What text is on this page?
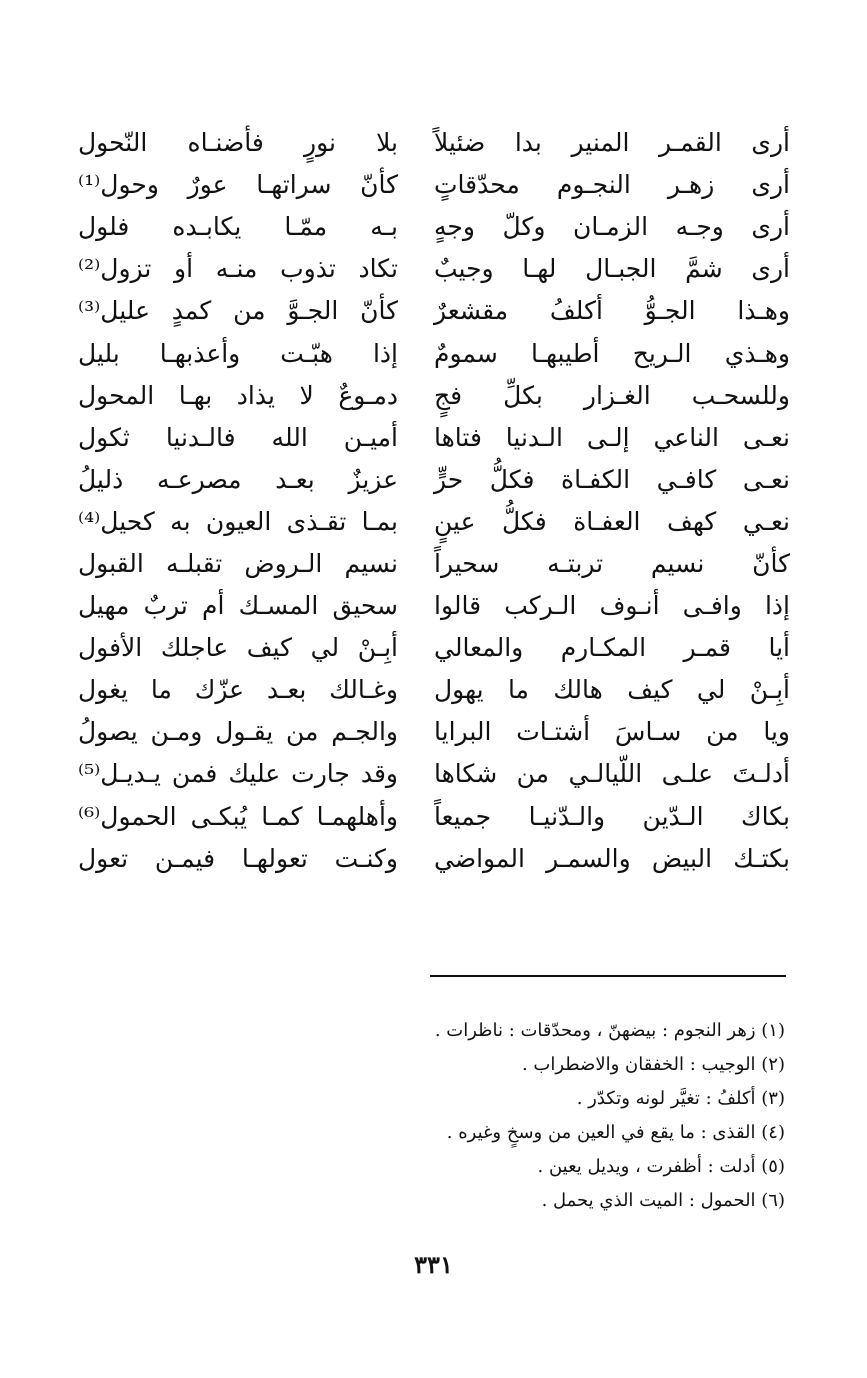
أرى القمـر المنير بدا ضئيلاً
بلا نورٍ فأضنـاه النّحول
أرى زهـر النجـوم محدّقاتٍ
كأنّ سراتهـا عورٌ وحول⁽¹⁾
أرى وجـه الزمـان وكلّ وجهٍ
بـه ممّـا يكابـده فلول
أرى شمَّ الجبـال لهـا وجيبٌ
تكاد تذوب منـه أو تزول⁽²⁾
وهـذا الجـوُّ أكلفُ مقشعرٌ
كأنّ الجـوَّ من كمدٍ عليل⁽³⁾
وهـذي الـريح أطيبهـا سمومٌ
إذا هبّـت وأعذبهـا بليل
وللسحـب الغـزار بكلِّ فجٍ
دمـوعٌ لا يذاد بهـا المحول
نعـى الناعي إلـى الـدنيا فتاها
أميـن الله فالـدنيا ثكول
نعـى كافـي الكفـاة فكلُّ حرٍّ
عزيزٌ بعـد مصرعـه ذليلُ
نعـي كهف العفـاة فكلُّ عينٍ
بمـا تقـذى العيون به كحيل⁽⁴⁾
كأنّ نسيم تربتـه سحيراً
نسيم الـروض تقبلـه القبول
إذا وافـى أنـوف الـركب قالوا
سحيق المسـك أم تربٌ مهيل
أيا قمـر المكـارم والمعالي
أبِـنْ لي كيف عاجلك الأفول
أبِـنْ لي كيف هالك ما يهول
وغـالك بعـد عزّك ما يغول
ويا من سـاسَ أشتـات البرايا
والجـم من يقـول ومـن يصولُ
أدلـتَ علـى اللّيالـي من شكاها
وقد جارت عليك فمن يـديـل⁽⁵⁾
بكاك الـدّين والـدّنيـا جميعاً
وأهلهمـا كمـا يُبكـى الحمول⁽⁶⁾
بكتـك البيض والسمـر المواضي
وكنـت تعولهـا فيمـن تعول
(١) زهر النجوم : بيضهنّ ، ومحدّقات : ناظرات .
(٢) الوجيب : الخفقان والاضطراب .
(٣) أكلفُ : تغيَّر لونه وتكدّر .
(٤) القذى : ما يقع في العين من وسخٍ وغيره .
(٥) أدلت : أظفرت ، ويديل يعين .
(٦) الحمول : الميت الذي يحمل .
٣٣١
